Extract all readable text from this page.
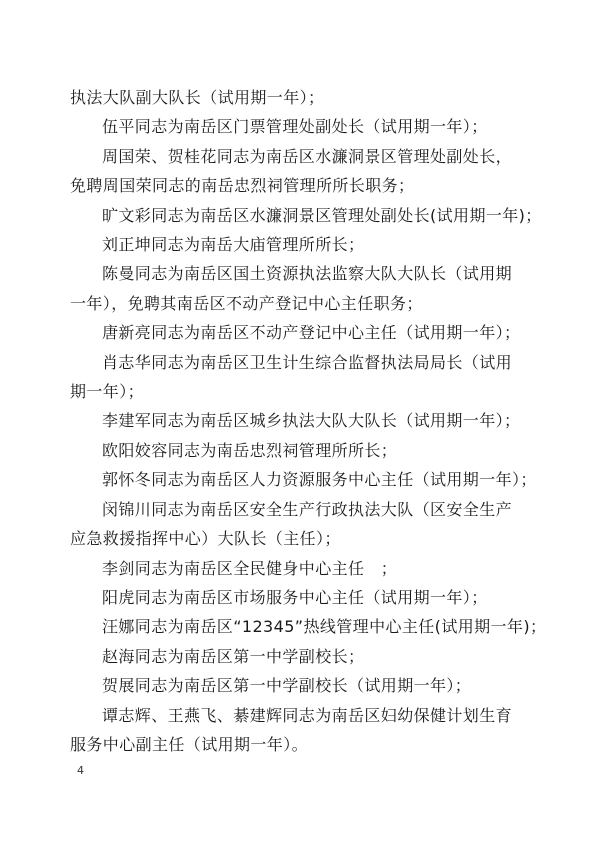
执法大队副大队长（试用期一年）；
伍平同志为南岳区门票管理处副处长（试用期一年）；
周国荣、贺桂花同志为南岳区水濂洞景区管理处副处长，
免聘周国荣同志的南岳忠烈祠管理所所长职务；
旷文彩同志为南岳区水濂洞景区管理处副处长(试用期一年)；
刘正坤同志为南岳大庙管理所所长；
陈曼同志为南岳区国土资源执法监察大队大队长（试用期
一年），免聘其南岳区不动产登记中心主任职务；
唐新亮同志为南岳区不动产登记中心主任（试用期一年）；
肖志华同志为南岳区卫生计生综合监督执法局局长（试用
期一年）；
李建军同志为南岳区城乡执法大队大队长（试用期一年）；
欧阳姣容同志为南岳忠烈祠管理所所长；
郭怀冬同志为南岳区人力资源服务中心主任（试用期一年）；
闵锦川同志为南岳区安全生产行政执法大队（区安全生产
应急救援指挥中心）大队长（主任）；
李剑同志为南岳区全民健身中心主任　；
阳虎同志为南岳区市场服务中心主任（试用期一年）；
汪娜同志为南岳区“12345”热线管理中心主任(试用期一年)；
赵海同志为南岳区第一中学副校长；
贺展同志为南岳区第一中学副校长（试用期一年）；
谭志辉、王燕飞、綦建辉同志为南岳区妇幼保健计划生育
服务中心副主任（试用期一年）。
4
